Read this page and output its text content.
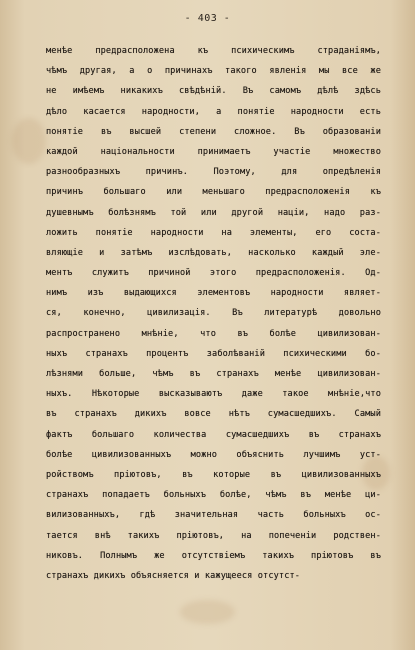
- 403 -
менѣе предрасположена къ психическимъ страданiямъ,
чѣмъ другая, а о причинахъ такого явленiя мы все же
не имѣемъ никакихъ свѣдѣнiй. Въ самомъ дѣлѣ здѣсь
дѣло касается народности, а понятiе народности есть
понятiе въ высшей степени сложное. Въ образованiи
каждой нацiональности принимаетъ участiе множество
разнообразныхъ причинъ. Поэтому, для опредѣленiя
причинъ большаго или меньшаго предрасположенiя къ
душевнымъ болѣзнямъ той или другой нацiи, надо раз-
ложить понятiе народности на элементы, его соста-
вляющiе и затѣмъ изслѣдовать, насколько каждый эле-
ментъ служитъ причиной этого предрасположенiя. Од-
нимъ изъ выдающихся элементовъ народности являет-
ся, конечно, цивилизацiя. Въ литературѣ довольно
распространено мнѣнiе, что въ болѣе цивилизован-
ныхъ странахъ процентъ заболѣванiй психическими бо-
лѣзнями больше, чѣмъ въ странахъ менѣе цивилизован-
ныхъ. Нѣкоторые высказываютъ даже такое мнѣнiе,что
въ странахъ дикихъ вовсе нѣтъ сумасшедшихъ. Самый
фактъ большаго количества сумасшедшихъ въ странахъ
болѣе цивилизованныхъ можно объяснить лучшимъ уст-
ройствомъ прiютовъ, въ которые въ цивилизованныхъ
странахъ попадаетъ больныхъ болѣе, чѣмъ въ менѣе ци-
вилизованныхъ, гдѣ значительная часть больныхъ ос-
тается внѣ такихъ прiютовъ, на попеченiи родствен-
никовъ. Полнымъ же отсутствiемъ такихъ прiютовъ въ
странахъ дикихъ объясняется и кажущееся отсутст-
